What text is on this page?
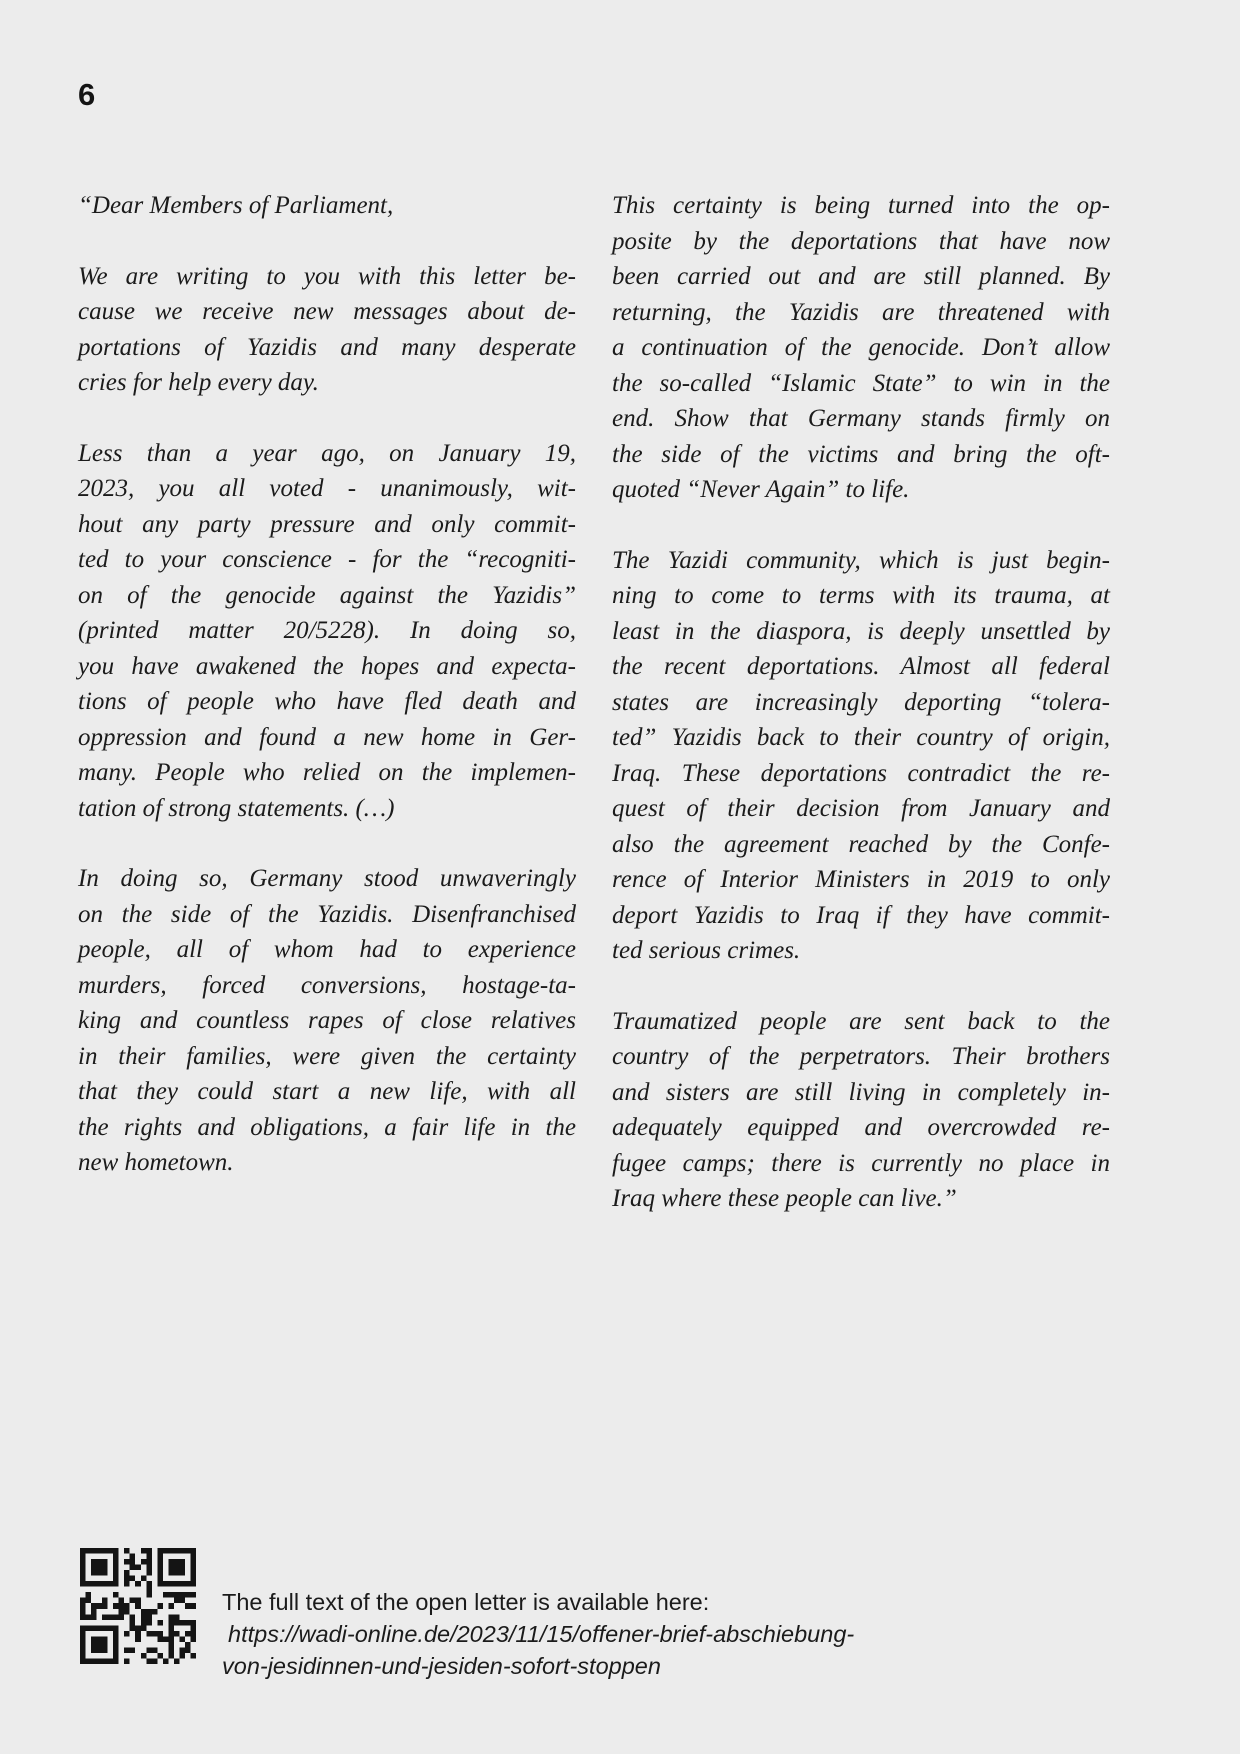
6
“Dear Members of Parliament,
We are writing to you with this letter be-
cause we receive new messages about de-
portations of Yazidis and many desperate
cries for help every day.
Less than a year ago, on January 19,
2023, you all voted - unanimously, wit-
hout any party pressure and only commit-
ted to your conscience - for the “recogniti-
on of the genocide against the Yazidis”
(printed matter 20/5228). In doing so,
you have awakened the hopes and expecta-
tions of people who have fled death and
oppression and found a new home in Ger-
many. People who relied on the implemen-
tation of strong statements. (…)
In doing so, Germany stood unwaveringly
on the side of the Yazidis. Disenfranchised
people, all of whom had to experience
murders, forced conversions, hostage-ta-
king and countless rapes of close relatives
in their families, were given the certainty
that they could start a new life, with all
the rights and obligations, a fair life in the
new hometown.
This certainty is being turned into the op-
posite by the deportations that have now
been carried out and are still planned. By
returning, the Yazidis are threatened with
a continuation of the genocide. Don’t allow
the so-called “Islamic State” to win in the
end. Show that Germany stands firmly on
the side of the victims and bring the oft-
quoted “Never Again” to life.
The Yazidi community, which is just begin-
ning to come to terms with its trauma, at
least in the diaspora, is deeply unsettled by
the recent deportations. Almost all federal
states are increasingly deporting “tolera-
ted” Yazidis back to their country of origin,
Iraq. These deportations contradict the re-
quest of their decision from January and
also the agreement reached by the Confe-
rence of Interior Ministers in 2019 to only
deport Yazidis to Iraq if they have commit-
ted serious crimes.
Traumatized people are sent back to the
country of the perpetrators. Their brothers
and sisters are still living in completely in-
adequately equipped and overcrowded re-
fugee camps; there is currently no place in
Iraq where these people can live.”
The full text of the open letter is available here:
https://wadi-online.de/2023/11/15/offener-brief-abschiebung-
von-jesidinnen-und-jesiden-sofort-stoppen
